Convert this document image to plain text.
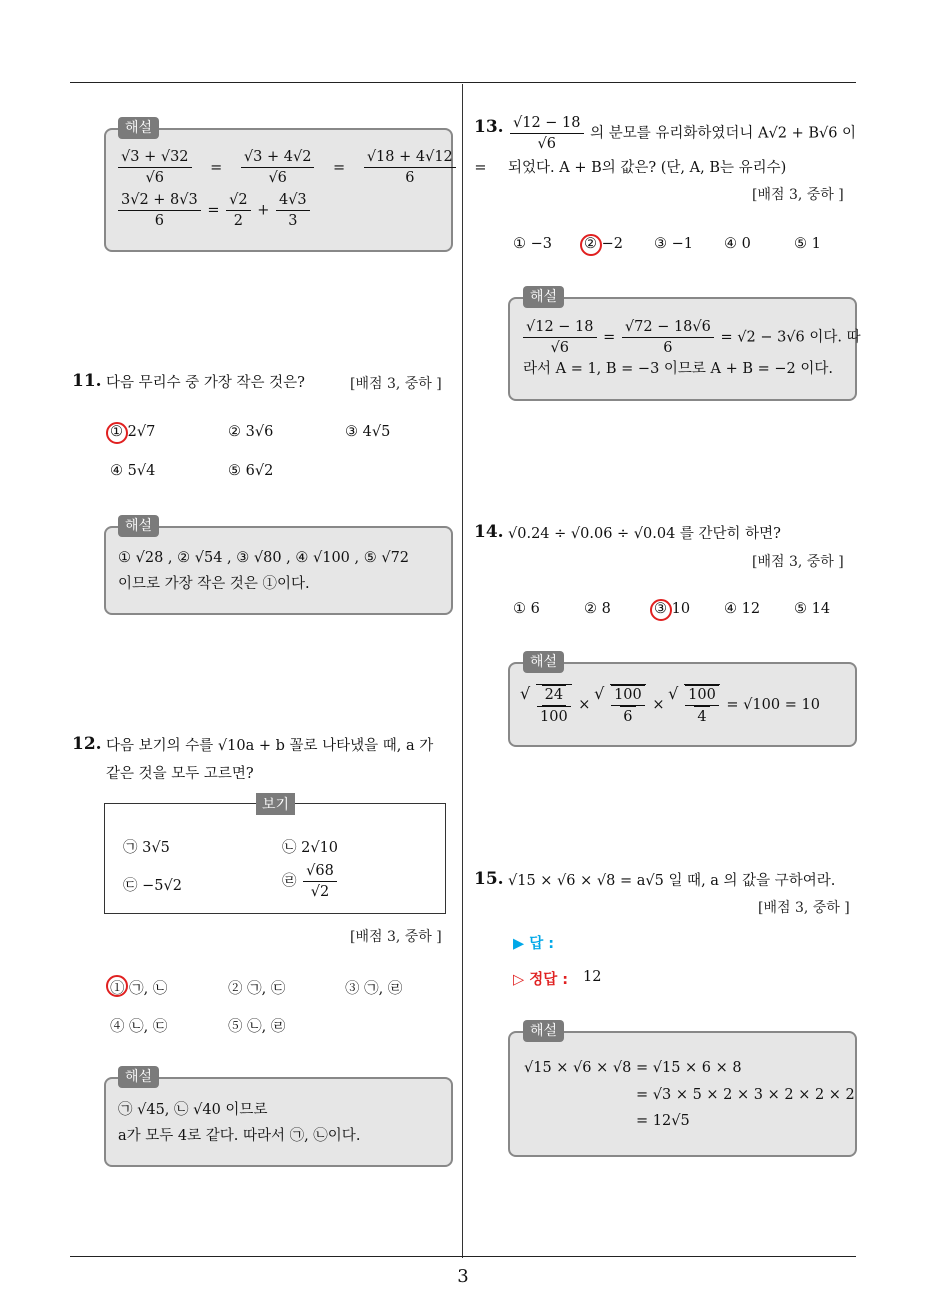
3
해설
$\frac{√3 + √32}{√6} = \frac{√3 + 4√2}{√6} = \frac{√18 + 4√12}{6}$ =
$\frac{3√2 + 8√3}{6} = \frac{√2}{2} + \frac{4√3}{3}$
11. 다음 무리수 중 가장 작은 것은?	[배점 3, 중하 ]
① 2√7	② 3√6	③ 4√5
④ 5√4	⑤ 6√2
해설
① √28 , ② √54 , ③ √80 , ④ √100 , ⑤ √72
이므로 가장 작은 것은 ①이다.
12. 다음 보기의 수를 √10a + b 꼴로 나타냈을 때, a 가
같은 것을 모두 고르면?
보기
㉠ 3√5	㉡ 2√10
㉢ −5√2	㉣ $\frac{√68}{√2}$
[배점 3, 중하 ]
① ㉠, ㉡	② ㉠, ㉢	③ ㉠, ㉣
④ ㉡, ㉢	⑤ ㉡, ㉣
해설
㉠ √45, ㉡ √40 이므로
a가 모두 4로 같다. 따라서 ㉠, ㉡이다.
13. $\frac{√12 - 18}{√6}$ 의 분모를 유리화하였더니 A√2 + B√6 이
되었다. A + B의 값은? (단, A, B는 유리수)
[배점 3, 중하 ]
① −3 ② −2 ③ −1 ④ 0	⑤ 1
해설
$\frac{√12 - 18}{√6} = \frac{√72 - 18√6}{6} = √2 - 3√6$ 이다. 따
라서 A = 1, B = −3 이므로 A + B = −2 이다.
14. √0.24 ÷ √0.06 ÷ √0.04 를 간단히 하면?
[배점 3, 중하 ]
① 6	② 8	③ 10 ④ 12 ⑤ 14
해설
√ $\frac{24}{100}$ × √ $\frac{100}{6}$ × √ $\frac{100}{4} = √100 = 10$
15. √15 × √6 × √8 = a√5 일 때, a 의 값을 구하여라.
[배점 3, 중하 ]
▶ 답 :
▷ 정답 : 12
해설
√15 × √6 × √8 = √15 × 6 × 8
= √3 × 5 × 2 × 3 × 2 × 2 × 2
= 12√5
